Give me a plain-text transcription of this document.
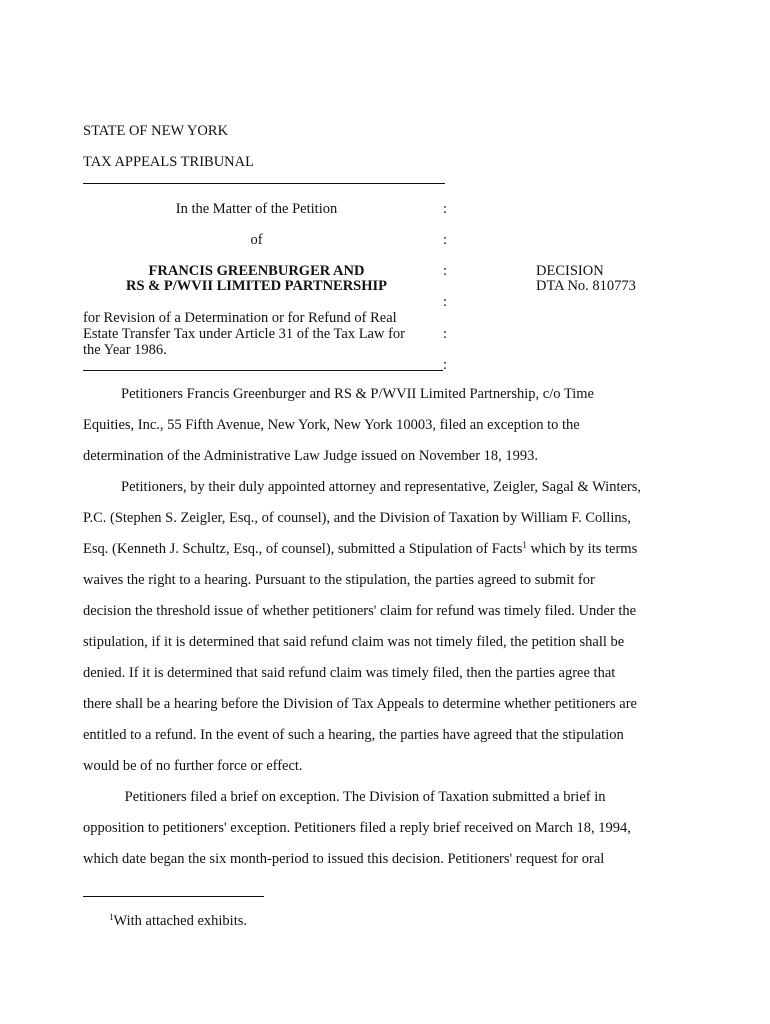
STATE OF NEW YORK
TAX APPEALS TRIBUNAL
In the Matter of the Petition
of
FRANCIS GREENBURGER AND
RS & P/WVII LIMITED PARTNERSHIP
for Revision of a Determination or for Refund of Real
Estate Transfer Tax under Article 31 of the Tax Law for
the Year 1986.
:
:
:
:
:
:
DECISION
DTA No. 810773
Petitioners Francis Greenburger and RS & P/WVII Limited Partnership, c/o Time
Equities, Inc., 55 Fifth Avenue, New York, New York 10003, filed an exception to the
determination of the Administrative Law Judge issued on November 18, 1993.
Petitioners, by their duly appointed attorney and representative, Zeigler, Sagal & Winters,
P.C. (Stephen S. Zeigler, Esq., of counsel), and the Division of Taxation by William F. Collins,
Esq. (Kenneth J. Schultz, Esq., of counsel), submitted a Stipulation of Facts$^1$ which by its terms
waives the right to a hearing. Pursuant to the stipulation, the parties agreed to submit for
decision the threshold issue of whether petitioners' claim for refund was timely filed. Under the
stipulation, if it is determined that said refund claim was not timely filed, the petition shall be
denied. If it is determined that said refund claim was timely filed, then the parties agree that
there shall be a hearing before the Division of Tax Appeals to determine whether petitioners are
entitled to a refund. In the event of such a hearing, the parties have agreed that the stipulation
would be of no further force or effect.
Petitioners filed a brief on exception. The Division of Taxation submitted a brief in
opposition to petitioners' exception. Petitioners filed a reply brief received on March 18, 1994,
which date began the six month-period to issued this decision. Petitioners' request for oral
$^1$With attached exhibits.
